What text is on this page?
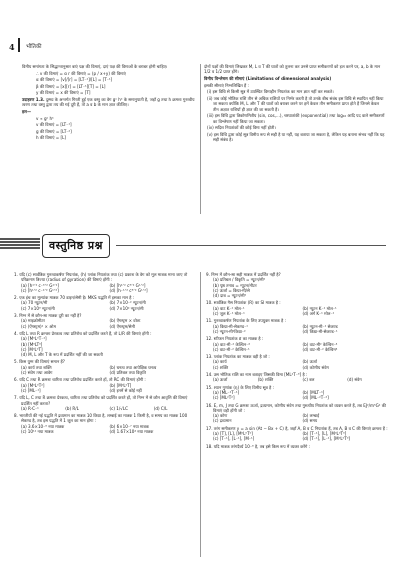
4 भौतिकी

विमीय समांगता के सिद्धान्तानुसार बाएं पक्ष की विमाएं, दाएं पक्ष की विमाओं के बराबर होनी चाहिए।

∴ v की विमाएं = α r की विमाएं = (p / x+y) की विमाएं

α की विमाएं = [v]/[r] = [LT⁻¹]/[L] = [T⁻¹]

β की विमाएं = [x][r] = [LT⁻¹][T] = [L]

y की विमाएं = x की विमाएं = [T]

उदाहरण 1.3. दुस्थ्य के अन्तर्गत गिरती हुई एक वस्तु का वेग gᵃ hᵇ के समानुपाती है, जहाँ g तथा h क्रमशः गुरुत्वीय त्वरण तथा वस्तु द्वारा तय की गई दूरी हैं, तो a व b के मान ज्ञात कीजिए।

हल—

v ∝ gᵃ hᵇ

v की विमाएं = [LT⁻¹]

g की विमाएं = [LT⁻²]

h की विमाएं = [L]

दोनों पक्षों की विमाएं लिखकर M, L व T की घातों को तुलना कर उनसे प्राप्त समीकरणों को हल करने पर, a, b के मान 1/2 व 1/2 प्राप्त होंगे।

विमीय विश्लेषण की सीमाएं (Limitations of dimensional analysis)

इसकी सीमाएं निम्नलिखित हैं :

(i) इस विधि से किसी सूत्र में उपस्थित विमाहीन नियतांक का मान ज्ञात नहीं कर सकते।

(ii) जब कोई भौतिक राशि तीन से अधिक राशियों पर निर्भर करती है तो उनके बीच संबंध इस विधि से स्थापित नहीं किया जा सकता क्योंकि M, L और T की घातों को बराबर करने पर हमें केवल तीन समीकरण प्राप्त होते हैं जिनसे केवल तीन अज्ञात राशियाँ ही ज्ञात की जा सकती हैं।

(iii) इस विधि द्वारा त्रिकोणमितीय (sin, cos,...), चरघातांकी (exponential) तथा log₁₀ आदि पद वाले समीकरणों का विश्लेषण नहीं किया जा सकता।

(iv) सदिश नियतांकों की कोई विमा नहीं होती।

(v) इस विधि द्वारा कोई सूत्र विमीय रूप से सही है या नहीं, यह बताया जा सकता है, लेकिन यह बताना संभव नहीं कि यह सही संबंध है।

वस्तुनिष्ठ प्रश्न
1. यदि (c) सार्वत्रिक गुरुत्वाकर्षण नियतांक, (h) प्लांक नियतांक तथा (c) प्रकाश के वेग को मूल मात्रक माना जाए तो परिक्रमण त्रिज्या (radius of gyration) की विमाएं होंगी :
(a) [h¹ᐟ² c⁻³ᐟ² G¹ᐟ²]	(b) [h¹ᐟ² c³ᐟ² G¹ᐟ²]
(c) [h¹ᐟ² c⁻¹ᐟ² G¹ᐟ²]	(d) [h⁻¹ᐟ² c³ᐟ² G¹ᐟ²]
2. एक इंच का मूल्यांक मात्रक 70 डाइन/सेमी है। MKS पद्धति में इसका मान है :
(a) 70 न्यूटन/मी	(b) 7×10⁻² न्यूटन/मी
(c) 7×10³ न्यूटन/मी	(d) 7×10² न्यूटन/मी
3. निम्न में से कौन-सा मात्रक दूरी का नहीं है?
(a) माइक्रोमीटर	(b) ऐंगस्ट्रम × वोल्ट
(c) (ऐंगस्ट्रम)² × ओम	(d) ऐंगस्ट्रम/सेमी
4. यदि L तथा R क्रमशः प्रेरकत्व तथा प्रतिरोध को प्रदर्शित करते हैं, तो L/R की विमाएं होंगी :
(a) [M⁰L⁰T⁻¹]
(b) [M⁰LT⁰]
(c) [M⁰L⁰T]
(d) M, L और T के रूप में प्रदर्शित नहीं की जा सकती
5. किस युग्म की विमाएं समान हैं?
(a) कार्य तथा शक्ति	(b) घनत्व तथा आपेक्षिक घनत्व
(c) संवेग तथा आवेग	(d) प्रतिबल तथा विकृति
6. यदि C तथा R क्रमशः धारिता तथा प्रतिरोध प्रदर्शित करते हों, तो RC की विमाएं होंगी :
(a) [M⁰L⁰T²]	(b) [M⁰L⁰T]
(c) [ML⁻¹]	(d) इनमें से कोई नहीं
7. यदि L, C तथा R क्रमशः प्रेरकत्व, धारिता तथा प्रतिरोध को प्रदर्शित करते हों, तो निम्न में से कौन आवृत्ति की विमाएं प्रदर्शित नहीं करता?
(a) R·C⁻¹	(b) R/L	(c) 1/√LC	(d) C/L
8. भारतीयों की नई पद्धति में द्रव्यमान का मात्रक 10 किग्रा है, लम्बाई का मात्रक 1 किमी है, व समय का मात्रक 100 सेकण्ड है, तब इस पद्धति में 1 जूल का मान होगा :
(a) 3.6×10⁻⁶ नया मात्रक	(b) 6×10⁻⁷ नया मात्रक
(c) 10¹¹ नया मात्रक	(d) 1.67×10⁴ नया मात्रक
9. निम्न में कौन-सा सही मात्रक में प्रदर्शित नहीं है?
(a) प्रतिबल / विकृति = न्यूटन/मी²
(b) पृष्ठ तनाव = न्यूटन/मीटर
(c) ऊर्जा = किग्रा-मी/से
(d) दाब = न्यूटन/मी²
10. सार्वत्रिक गैस नियतांक (R) का SI मात्रक है :
(a) वाट K⁻¹ मोल⁻¹	(b) न्यूटन K⁻¹ मोल⁻¹
(c) जूल K⁻¹ मोल⁻¹	(d) अर्ग K⁻¹ मोल⁻¹
11. गुरुत्वाकर्षण नियतांक के लिए उपयुक्त मात्रक है :
(a) किग्रा-मी-सेकण्ड⁻¹	(b) न्यूटन-मी⁻¹ सेकण्ड
(c) न्यूटन-मी²किग्रा⁻²	(d) किग्रा-मी-सेकण्ड⁻¹
12. स्टीफन नियतांक σ का मात्रक है :
(a) वाट-मी⁻² केल्विन⁻⁴	(b) वाट-मी² केल्विन⁻⁴
(c) वाट-मी⁻² केल्विन⁻¹	(d) वाट-मी⁻² केल्विन⁴
13. प्लांक नियतांक का मात्रक वही है जो :
(a) कार्य	(b) ऊर्जा
(c) शक्ति	(d) कोणीय संवेग
14. उस भौतिक राशि का नाम बताइए जिसकी विमा [ML²T⁻³] है :
(a) ऊर्जा	(b) शक्ति	(c) बल	(d) संवेग
15. श्यान गुणांक (η) के लिए विमीय सूत्र है :
(a) [ML⁻¹T⁻¹]	(b) [MLT⁻¹]
(c) [ML²T²]	(d) [ML⁻²T⁻²]
16. E, m, J तथा G क्रमशः ऊर्जा, द्रव्यमान, कोणीय संवेग तथा गुरुत्वीय नियतांक को व्यक्त करते हैं, तब EJ²/m⁵G² की विमाएं वही होंगी जो :
(a) कोण	(b) लम्बाई
(c) द्रव्यमान	(d) समय
17. तरंग समीकरण y = a sin (At − Bx + C) है, जहाँ A, B व C नियतांक हैं, तब A, B व C की विमाएं क्रमशः हैं :
(a) [T], [L], [M⁰L⁰T⁰]	(b) [T⁻¹], [L], [M⁰L⁰T⁰]
(c) [T⁻¹], [L⁻¹], [M⁻¹]	(d) [T⁻¹], [L⁻¹], [M⁰L⁰T⁰]
18. यदि मात्रक तरंगदैर्ध्य 10⁻⁶ है, तब इसे किस रूप में व्यक्त करेंगे :
